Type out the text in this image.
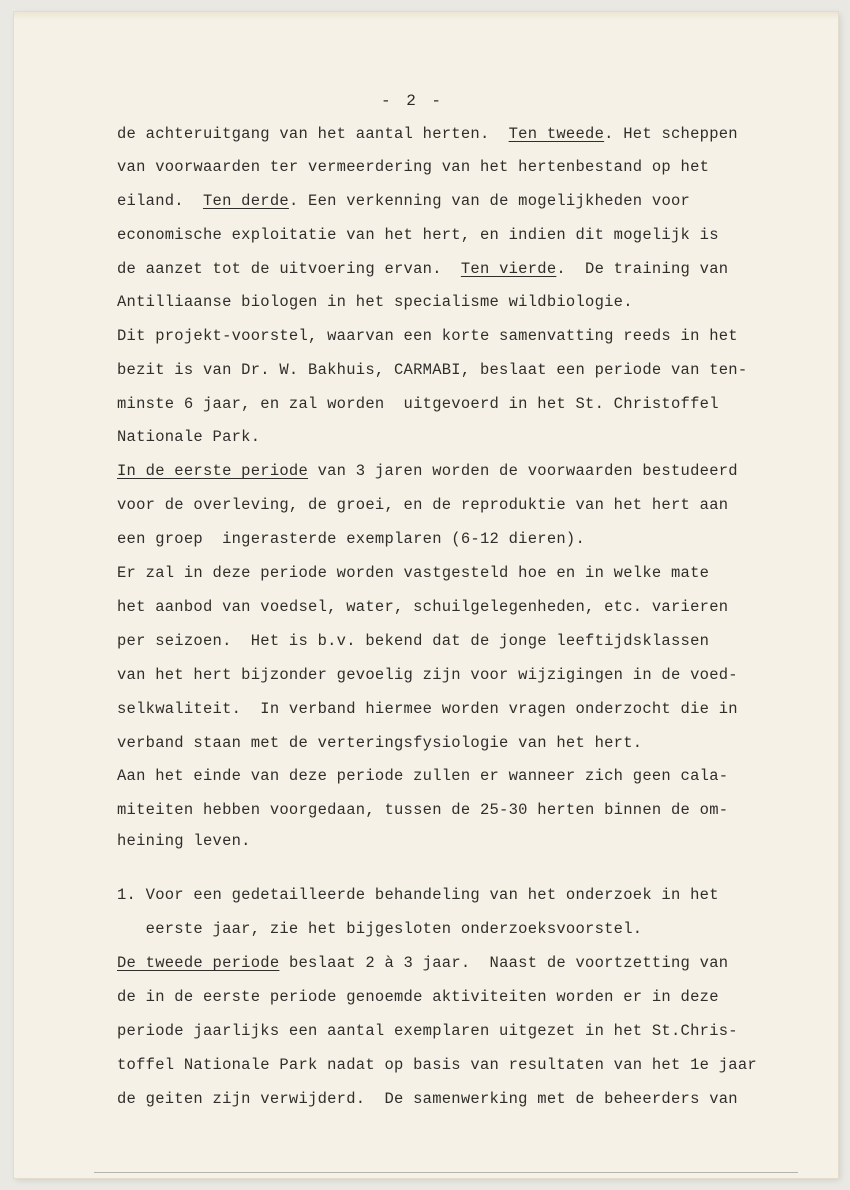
- 2 -
de achteruitgang van het aantal herten.  Ten tweede. Het scheppen
van voorwaarden ter vermeerdering van het hertenbestand op het
eiland.  Ten derde. Een verkenning van de mogelijkheden voor
economische exploitatie van het hert, en indien dit mogelijk is
de aanzet tot de uitvoering ervan.  Ten vierde.  De training van
Antilliaanse biologen in het specialisme wildbiologie.
Dit projekt-voorstel, waarvan een korte samenvatting reeds in het
bezit is van Dr. W. Bakhuis, CARMABI, beslaat een periode van ten-
minste 6 jaar, en zal worden  uitgevoerd in het St. Christoffel
Nationale Park.
In de eerste periode van 3 jaren worden de voorwaarden bestudeerd
voor de overleving, de groei, en de reproduktie van het hert aan
een groep  ingerasterde exemplaren (6-12 dieren).
Er zal in deze periode worden vastgesteld hoe en in welke mate
het aanbod van voedsel, water, schuilgelegenheden, etc. varieren
per seizoen.  Het is b.v. bekend dat de jonge leeftijdsklassen
van het hert bijzonder gevoelig zijn voor wijzigingen in de voed-
selkwaliteit.  In verband hiermee worden vragen onderzocht die in
verband staan met de verteringsfysiologie van het hert.
Aan het einde van deze periode zullen er wanneer zich geen cala-
miteiten hebben voorgedaan, tussen de 25-30 herten binnen de om-
heining leven.
1. Voor een gedetailleerde behandeling van het onderzoek in het
eerste jaar, zie het bijgesloten onderzoeksvoorstel.
De tweede periode beslaat 2 à 3 jaar.  Naast de voortzetting van
de in de eerste periode genoemde aktiviteiten worden er in deze
periode jaarlijks een aantal exemplaren uitgezet in het St.Chris-
toffel Nationale Park nadat op basis van resultaten van het 1e jaar
de geiten zijn verwijderd.  De samenwerking met de beheerders van
